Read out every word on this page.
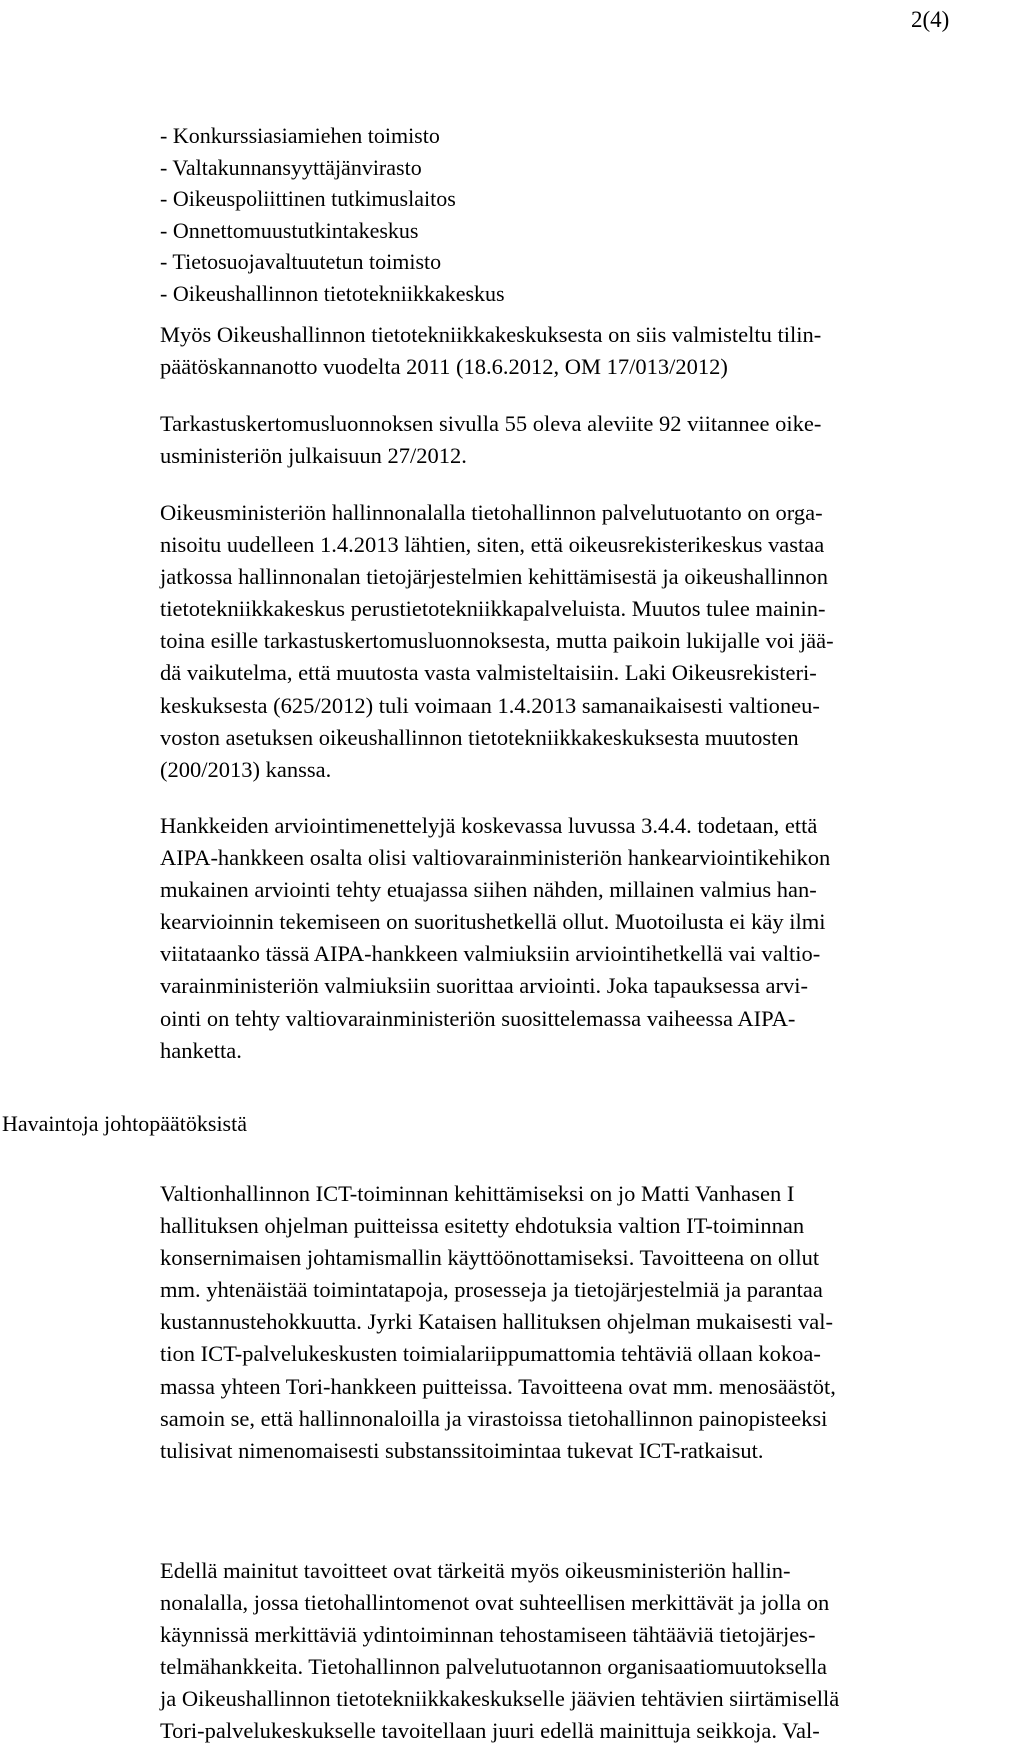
2(4)
Havaintoja johtopäätöksistä
- Konkurssiasiamiehen toimisto
- Valtakunnansyyttäjänvirasto
- Oikeuspoliittinen tutkimuslaitos
- Onnettomuustutkintakeskus
- Tietosuojavaltuutetun toimisto
- Oikeushallinnon tietotekniikkakeskus
Myös Oikeushallinnon tietotekniikkakeskuksesta on siis valmisteltu tilin-
päätöskannanotto vuodelta 2011 (18.6.2012, OM 17/013/2012)
Tarkastuskertomusluonnoksen sivulla 55 oleva aleviite 92 viitannee oike-
usministeriön julkaisuun 27/2012.
Oikeusministeriön hallinnonalalla tietohallinnon palvelutuotanto on orga-
nisoitu uudelleen 1.4.2013 lähtien, siten, että oikeusrekisterikeskus vastaa
jatkossa hallinnonalan tietojärjestelmien kehittämisestä ja oikeushallinnon
tietotekniikkakeskus perustietotekniikkapalveluista. Muutos tulee mainin-
toina esille tarkastuskertomusluonnoksesta, mutta paikoin lukijalle voi jää-
dä vaikutelma, että muutosta vasta valmisteltaisiin. Laki Oikeusrekisteri-
keskuksesta (625/2012) tuli voimaan 1.4.2013 samanaikaisesti valtioneu-
voston asetuksen oikeushallinnon tietotekniikkakeskuksesta muutosten
(200/2013) kanssa.
Hankkeiden arviointimenettelyjä koskevassa luvussa 3.4.4. todetaan, että
AIPA-hankkeen osalta olisi valtiovarainministeriön hankearviointikehikon
mukainen arviointi tehty etuajassa siihen nähden, millainen valmius han-
kearvioinnin tekemiseen on suoritushetkellä ollut. Muotoilusta ei käy ilmi
viitataanko tässä AIPA-hankkeen valmiuksiin arviointihetkellä vai valtio-
varainministeriön valmiuksiin suorittaa arviointi. Joka tapauksessa arvi-
ointi on tehty valtiovarainministeriön suosittelemassa vaiheessa AIPA-
hanketta.
Valtionhallinnon ICT-toiminnan kehittämiseksi on jo Matti Vanhasen I
hallituksen ohjelman puitteissa esitetty ehdotuksia valtion IT-toiminnan
konsernimaisen johtamismallin käyttöönottamiseksi. Tavoitteena on ollut
mm. yhtenäistää toimintatapoja, prosesseja ja tietojärjestelmiä ja parantaa
kustannustehokkuutta. Jyrki Kataisen hallituksen ohjelman mukaisesti val-
tion ICT-palvelukeskusten toimialariippumattomia tehtäviä ollaan kokoa-
massa yhteen Tori-hankkeen puitteissa. Tavoitteena ovat mm. menosäästöt,
samoin se, että hallinnonaloilla ja virastoissa tietohallinnon painopisteeksi
tulisivat nimenomaisesti substanssitoimintaa tukevat ICT-ratkaisut.
Edellä mainitut tavoitteet ovat tärkeitä myös oikeusministeriön hallin-
nonalalla, jossa tietohallintomenot ovat suhteellisen merkittävät ja jolla on
käynnissä merkittäviä ydintoiminnan tehostamiseen tähtääviä tietojärjes-
telmähankkeita. Tietohallinnon palvelutuotannon organisaatiomuutoksella
ja Oikeushallinnon tietotekniikkakeskukselle jäävien tehtävien siirtämisellä
Tori-palvelukeskukselle tavoitellaan juuri edellä mainittuja seikkoja. Val-
